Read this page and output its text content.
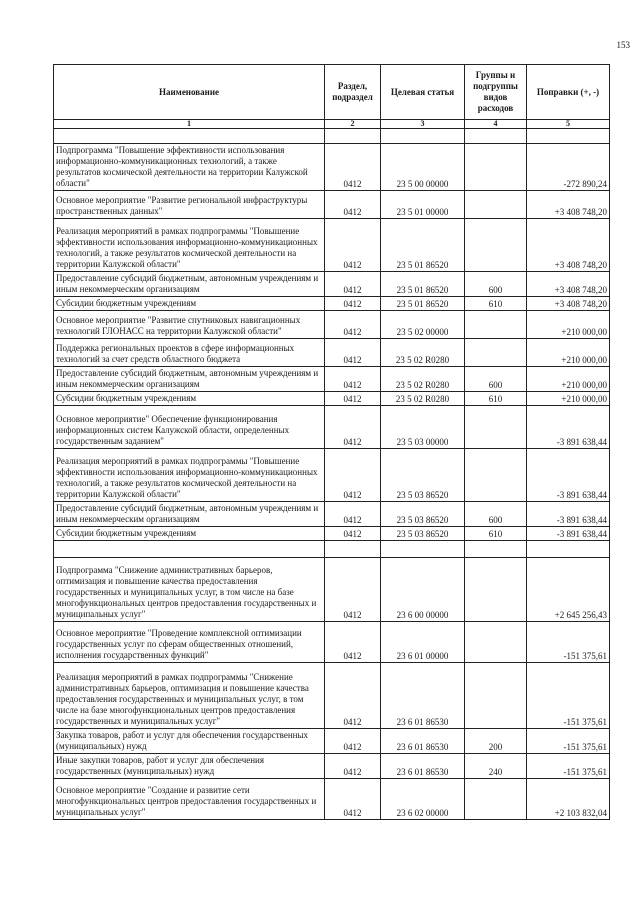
153
Наименование	Раздел, подраздел	Целевая статья	Группы и подгруппы видов расходов	Поправки (+, -)
1	2	3	4	5

Подпрограмма "Повышение эффективности использования информационно-коммуникационных технологий, а также результатов космической деятельности на территории Калужской области"	0412	23 5 00 00000		-272 890,24
Основное мероприятие "Развитие региональной инфраструктуры пространственных данных"	0412	23 5 01 00000		+3 408 748,20
Реализация мероприятий в рамках подпрограммы "Повышение эффективности использования информационно-коммуникационных технологий, а также результатов космической деятельности на территории Калужской области"	0412	23 5 01 86520		+3 408 748,20
Предоставление субсидий бюджетным, автономным учреждениям и иным некоммерческим организациям	0412	23 5 01 86520	600	+3 408 748,20
Субсидии бюджетным учреждениям	0412	23 5 01 86520	610	+3 408 748,20
Основное мероприятие "Развитие спутниковых навигационных технологий ГЛОНАСС на территории Калужской области"	0412	23 5 02 00000		+210 000,00
Поддержка региональных проектов в сфере информационных технологий за счет средств областного бюджета	0412	23 5 02 R0280		+210 000,00
Предоставление субсидий бюджетным, автономным учреждениям и иным некоммерческим организациям	0412	23 5 02 R0280	600	+210 000,00
Субсидии бюджетным учреждениям	0412	23 5 02 R0280	610	+210 000,00
Основное мероприятие" Обеспечение функционирования информационных систем Калужской области, определенных государственным заданием"	0412	23 5 03 00000		-3 891 638,44
Реализация мероприятий в рамках подпрограммы "Повышение эффективности использования информационно-коммуникационных технологий, а также результатов космической деятельности на территории Калужской области"	0412	23 5 03 86520		-3 891 638,44
Предоставление субсидий бюджетным, автономным учреждениям и иным некоммерческим организациям	0412	23 5 03 86520	600	-3 891 638,44
Субсидии бюджетным учреждениям	0412	23 5 03 86520	610	-3 891 638,44

Подпрограмма "Снижение административных барьеров, оптимизация и повышение качества предоставления государственных и муниципальных услуг, в том числе на базе многофункциональных центров предоставления государственных и муниципальных услуг"	0412	23 6 00 00000		+2 645 256,43
Основное мероприятие "Проведение комплексной оптимизации государственных услуг по сферам общественных отношений, исполнения государственных функций"	0412	23 6 01 00000		-151 375,61
Реализация мероприятий в рамках подпрограммы "Снижение административных барьеров, оптимизация и повышение качества предоставления государственных и муниципальных услуг, в том числе на базе многофункциональных центров предоставления государственных и муниципальных услуг"	0412	23 6 01 86530		-151 375,61
Закупка товаров, работ и услуг для обеспечения государственных (муниципальных) нужд	0412	23 6 01 86530	200	-151 375,61
Иные закупки товаров, работ и услуг для обеспечения государственных (муниципальных) нужд	0412	23 6 01 86530	240	-151 375,61
Основное мероприятие "Создание и развитие сети многофункциональных центров предоставления государственных и муниципальных услуг"	0412	23 6 02 00000		+2 103 832,04
